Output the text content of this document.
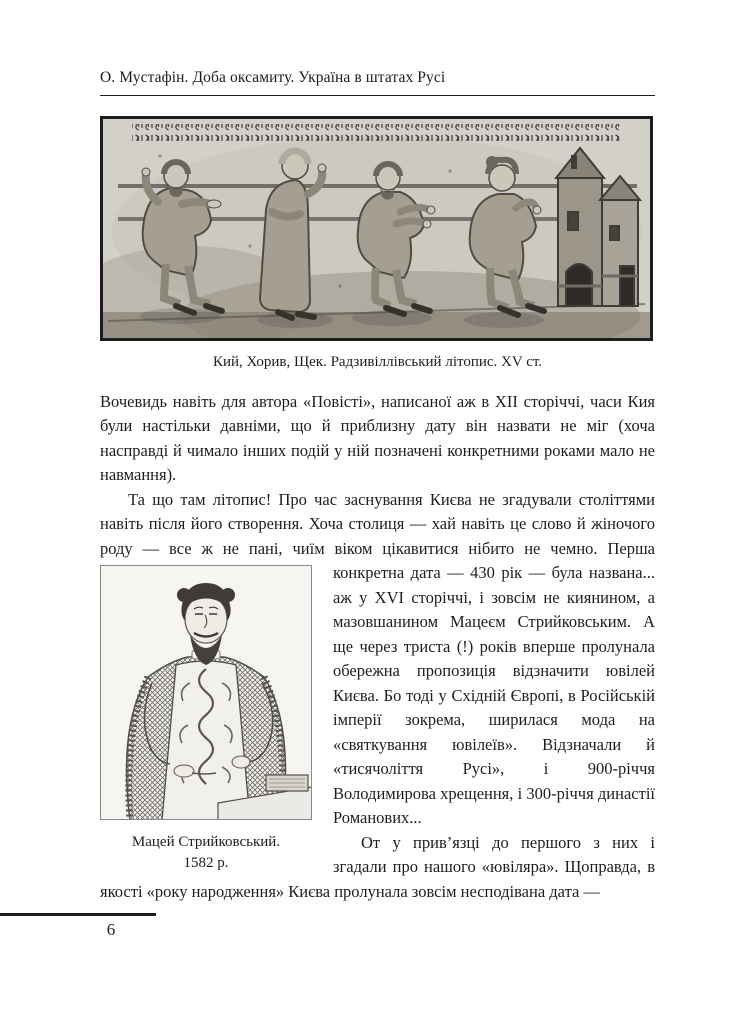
О. Мустафін. Доба оксамиту. Україна в штатах Русі
Кий, Хорив, Щек. Радзивіллівський літопис. XV ст.
Вочевидь навіть для автора «Повісті», написаної аж в XII сторіччі, часи Кия були настільки давніми, що й приблизну дату він назвати не міг (хоча насправді й чимало інших подій у ній позначені конкретними роками мало не навмання).
Та що там літопис! Про час заснування Києва не згадували століттями навіть після його створення. Хоча столиця — хай навіть це слово й жіночого роду — все ж не пані, чиїм віком цікавитися нібито не чемно. Перша конкретна дата — 430 рік — була названа...
Мацей Стрийковський.
1582 р.
аж у XVI сторіччі, і зовсім не киянином, а мазовшанином Мацеєм Стрийковським. А ще через триста (!) років вперше пролунала обережна пропозиція відзначити ювілей Києва. Бо тоді у Східній Європі, в Російській імперії зокрема, ширилася мода на «святкування ювілеїв». Відзначали й «тисячоліття Русі», і 900-річчя Володимирова хрещення, і 300-річчя династії Романових...
От у прив’язці до першого з них і згадали про нашого «ювіляра». Щоправда, в якості «року народження» Києва пролунала зовсім несподівана дата —
6
